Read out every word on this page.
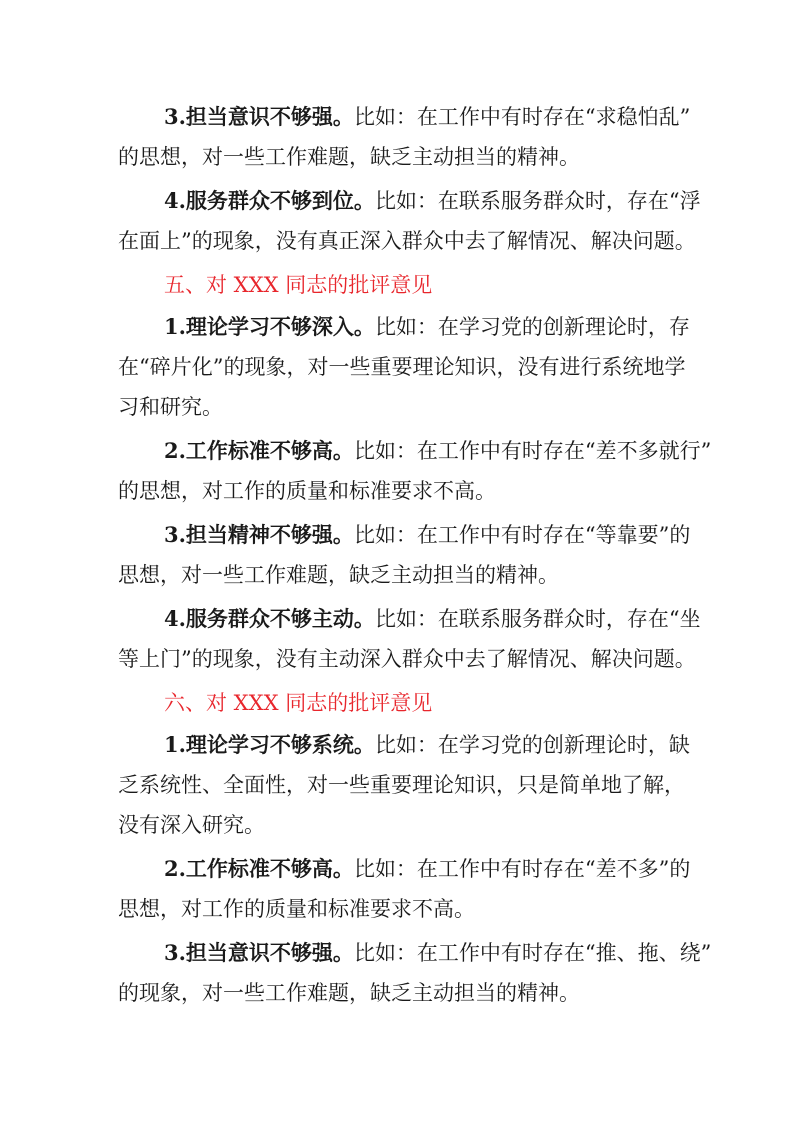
3.担当意识不够强。比如：在工作中有时存在“求稳怕乱”
的思想，对一些工作难题，缺乏主动担当的精神。
4.服务群众不够到位。比如：在联系服务群众时，存在“浮
在面上”的现象，没有真正深入群众中去了解情况、解决问题。
五、对 XXX 同志的批评意见
1.理论学习不够深入。比如：在学习党的创新理论时，存
在“碎片化”的现象，对一些重要理论知识，没有进行系统地学
习和研究。
2.工作标准不够高。比如：在工作中有时存在“差不多就行”
的思想，对工作的质量和标准要求不高。
3.担当精神不够强。比如：在工作中有时存在“等靠要”的
思想，对一些工作难题，缺乏主动担当的精神。
4.服务群众不够主动。比如：在联系服务群众时，存在“坐
等上门”的现象，没有主动深入群众中去了解情况、解决问题。
六、对 XXX 同志的批评意见
1.理论学习不够系统。比如：在学习党的创新理论时，缺
乏系统性、全面性，对一些重要理论知识，只是简单地了解，
没有深入研究。
2.工作标准不够高。比如：在工作中有时存在“差不多”的
思想，对工作的质量和标准要求不高。
3.担当意识不够强。比如：在工作中有时存在“推、拖、绕”
的现象，对一些工作难题，缺乏主动担当的精神。
